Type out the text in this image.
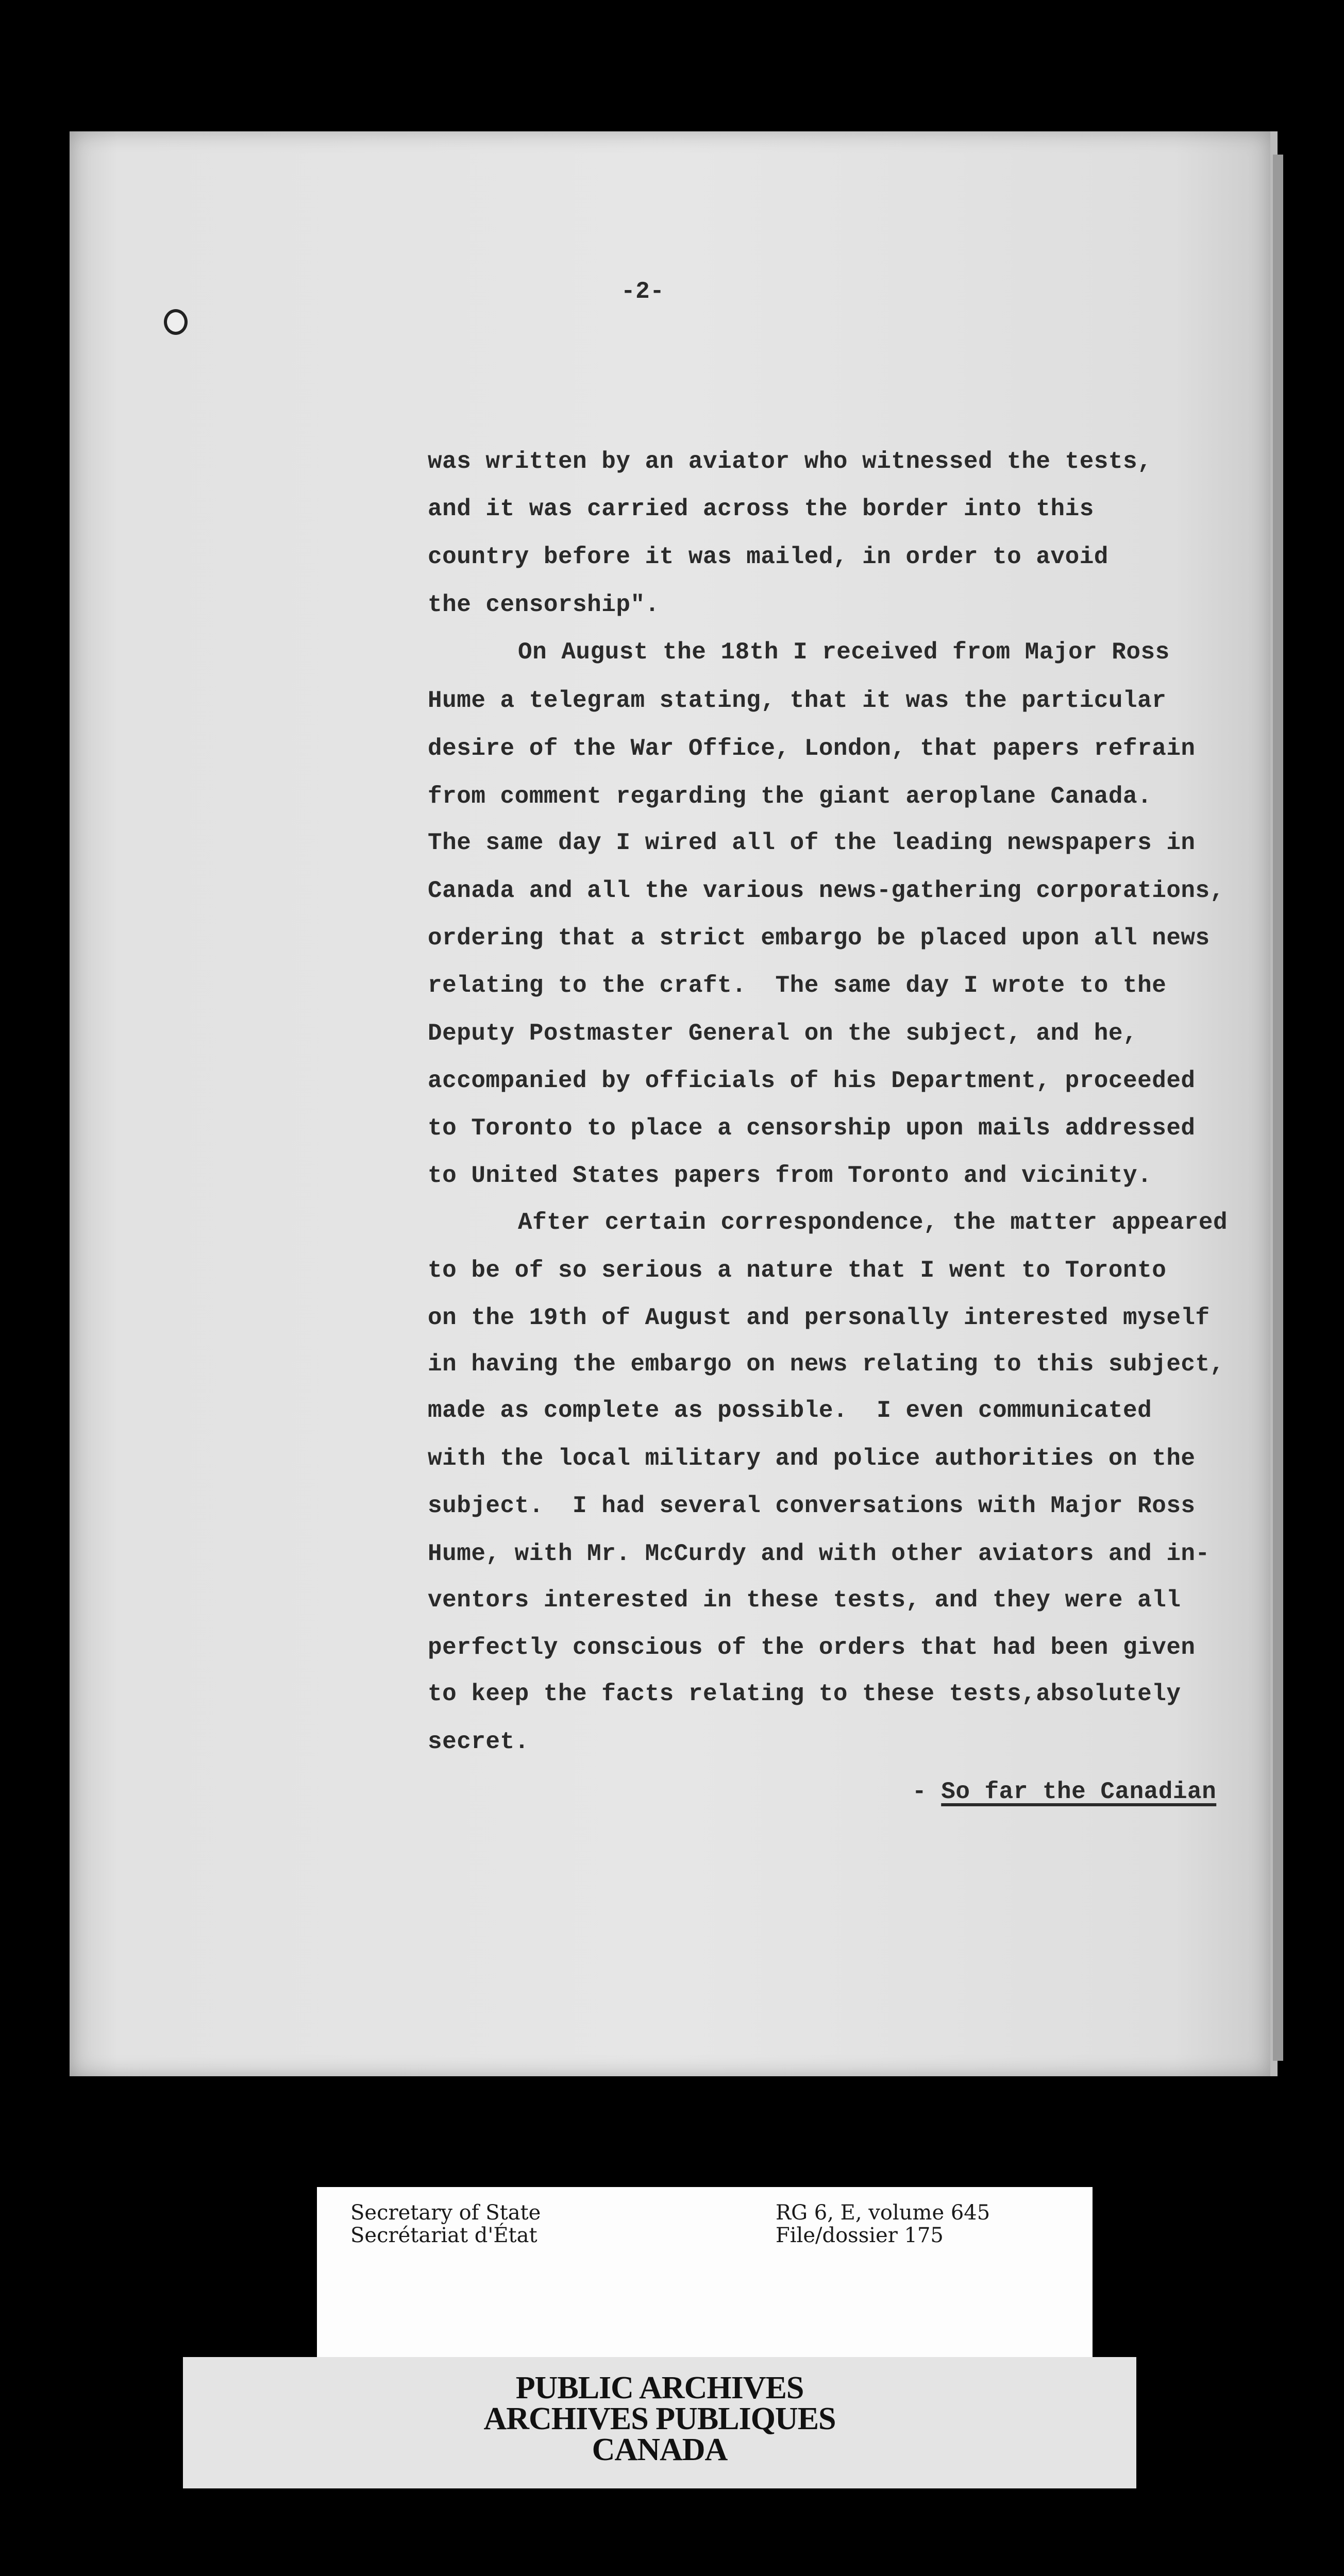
-2-
was written by an aviator who witnessed the tests,
and it was carried across the border into this
country before it was mailed, in order to avoid
the censorship".
On August the 18th I received from Major Ross
Hume a telegram stating, that it was the particular
desire of the War Office, London, that papers refrain
from comment regarding the giant aeroplane Canada.
The same day I wired all of the leading newspapers in
Canada and all the various news-gathering corporations,
ordering that a strict embargo be placed upon all news
relating to the craft.  The same day I wrote to the
Deputy Postmaster General on the subject, and he,
accompanied by officials of his Department, proceeded
to Toronto to place a censorship upon mails addressed
to United States papers from Toronto and vicinity.
After certain correspondence, the matter appeared
to be of so serious a nature that I went to Toronto
on the 19th of August and personally interested myself
in having the embargo on news relating to this subject,
made as complete as possible.  I even communicated
with the local military and police authorities on the
subject.  I had several conversations with Major Ross
Hume, with Mr. McCurdy and with other aviators and in-
ventors interested in these tests, and they were all
perfectly conscious of the orders that had been given
to keep the facts relating to these tests,absolutely
secret.
- So far the Canadian
Secretary of State
Secrétariat d'État
RG 6, E, volume 645
File/dossier 175
PUBLIC ARCHIVES
ARCHIVES PUBLIQUES
CANADA
